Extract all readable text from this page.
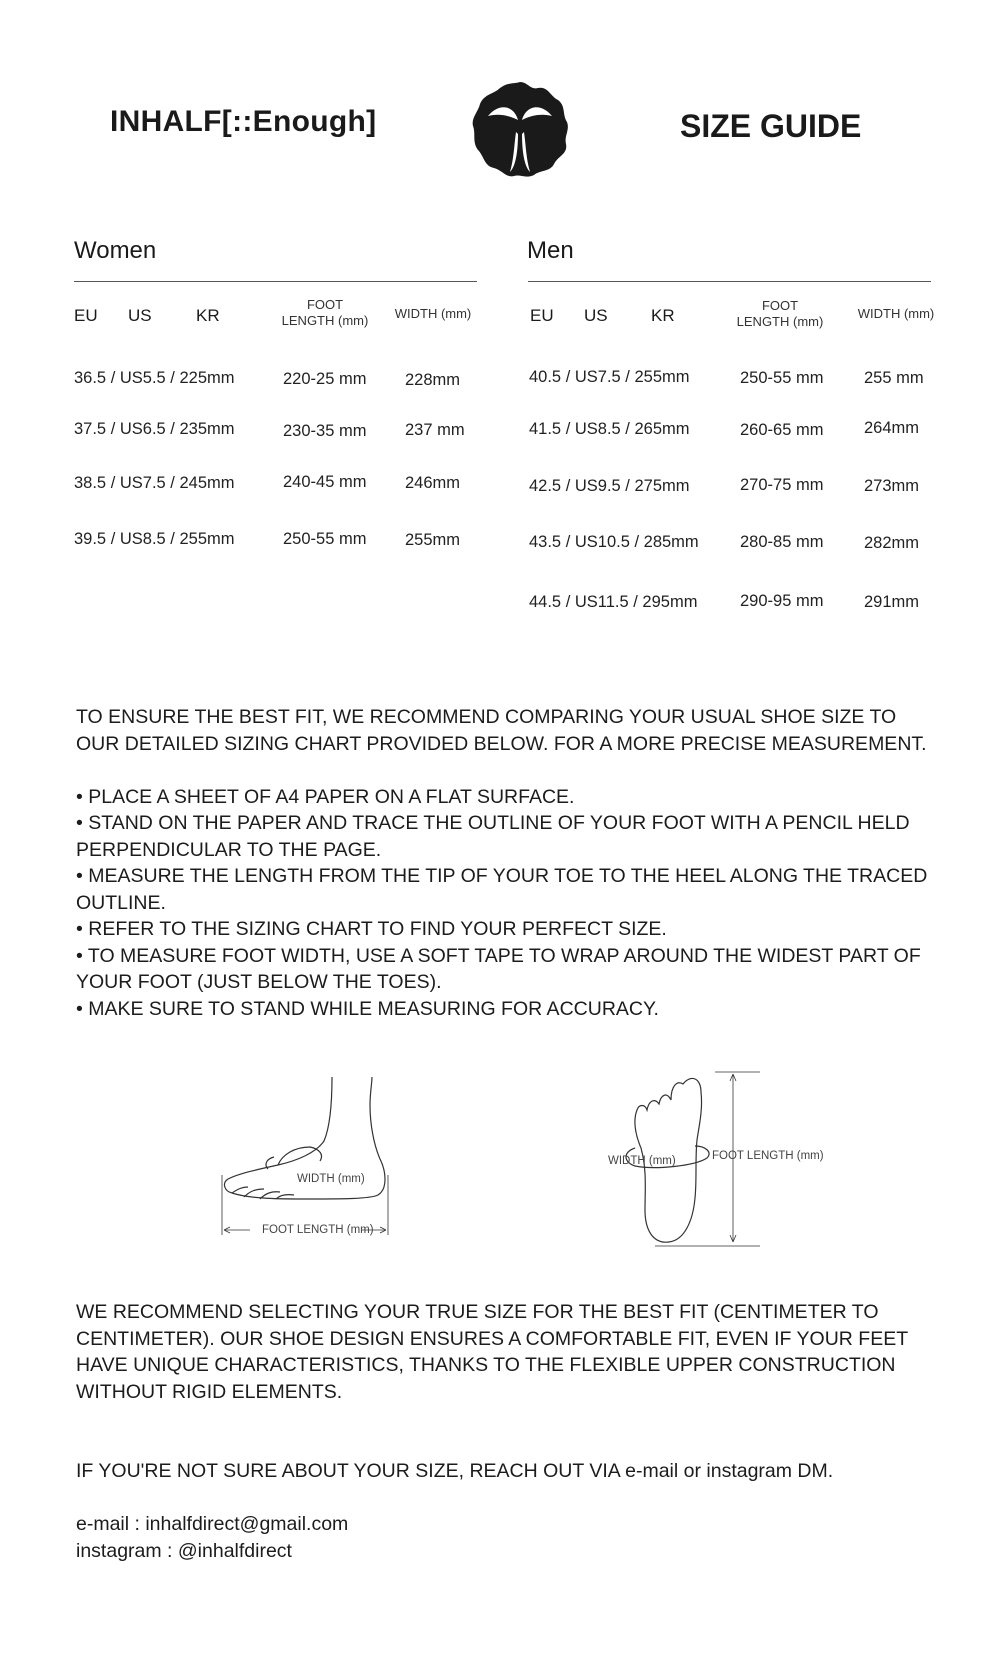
INHALF[::Enough]	SIZE GUIDE
Women
EU US	KR
FOOT
LENGTH (mm)	WIDTH (mm)
36.5 / US5.5 / 225mm	220-25 mm 228mm
37.5 / US6.5 / 235mm	230-35 mm 237 mm
38.5 / US7.5 / 245mm	240-45 mm 246mm
39.5 / US8.5 / 255mm	250-55 mm 255mm
Men
EU US	KR
FOOT
LENGTH (mm)
WIDTH (mm)
40.5 / US7.5 / 255mm	250-55 mm 255 mm
41.5 / US8.5 / 265mm	260-65 mm 264mm
42.5 / US9.5 / 275mm	270-75 mm 273mm
43.5 / US10.5 / 285mm	280-85 mm 282mm
44.5 / US11.5 / 295mm	290-95 mm 291mm

TO ENSURE THE BEST FIT, WE RECOMMEND COMPARING YOUR USUAL SHOE SIZE TO

OUR DETAILED SIZING CHART PROVIDED BELOW. FOR A MORE PRECISE MEASUREMENT.

• PLACE A SHEET OF A4 PAPER ON A FLAT SURFACE.

• STAND ON THE PAPER AND TRACE THE OUTLINE OF YOUR FOOT WITH A PENCIL HELD

PERPENDICULAR TO THE PAGE.

• MEASURE THE LENGTH FROM THE TIP OF YOUR TOE TO THE HEEL ALONG THE TRACED

OUTLINE.

• REFER TO THE SIZING CHART TO FIND YOUR PERFECT SIZE.

• TO MEASURE FOOT WIDTH, USE A SOFT TAPE TO WRAP AROUND THE WIDEST PART OF

YOUR FOOT (JUST BELOW THE TOES).

• MAKE SURE TO STAND WHILE MEASURING FOR ACCURACY.

WIDTH (mm)
FOOT LENGTH (mm)
WIDTH (mm)	FOOT LENGTH (mm)

WE RECOMMEND SELECTING YOUR TRUE SIZE FOR THE BEST FIT (CENTIMETER TO

CENTIMETER). OUR SHOE DESIGN ENSURES A COMFORTABLE FIT, EVEN IF YOUR FEET

HAVE UNIQUE CHARACTERISTICS, THANKS TO THE FLEXIBLE UPPER CONSTRUCTION

WITHOUT RIGID ELEMENTS.

IF YOU'RE NOT SURE ABOUT YOUR SIZE, REACH OUT VIA e-mail or instagram DM.

e-mail : inhalfdirect@gmail.com

instagram : @inhalfdirect
